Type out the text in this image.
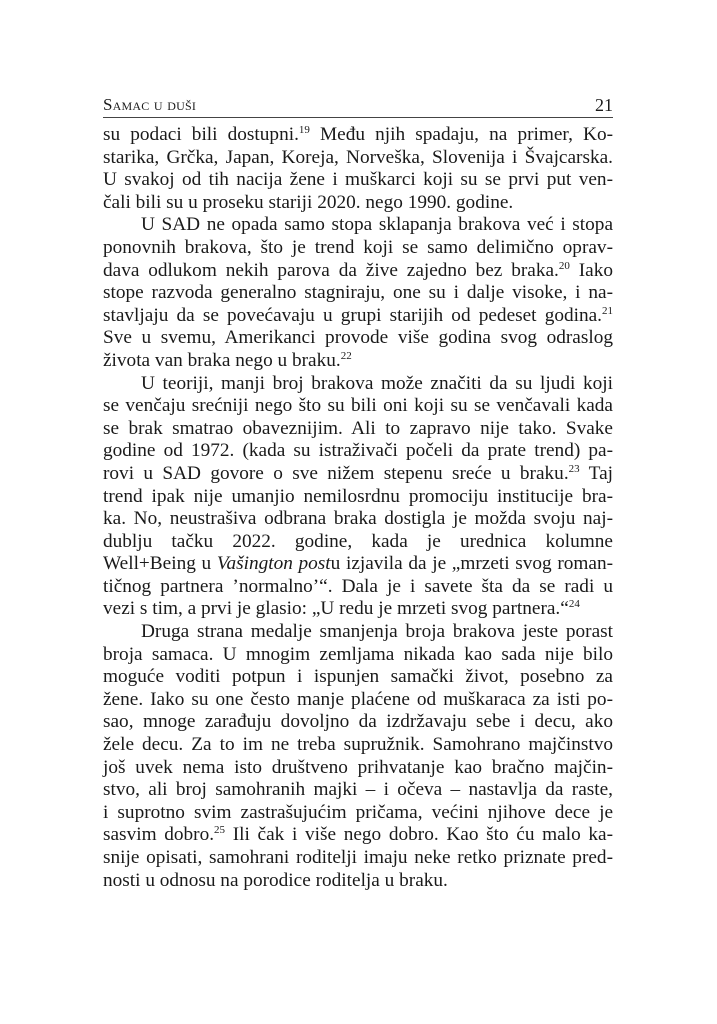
Samac u duši	21

su podaci bili dostupni.$^{19}$ Među njih spadaju, na primer, Ko-
starika, Grčka, Japan, Koreja, Norveška, Slovenija i Švajcarska.
U svakoj od tih nacija žene i muškarci koji su se prvi put ven-
čali bili su u proseku stariji 2020. nego 1990. godine.

U SAD ne opada samo stopa sklapanja brakova već i stopa
ponovnih brakova, što je trend koji se samo delimično oprav-
dava odlukom nekih parova da žive zajedno bez braka.$^{20}$ Iako
stope razvoda generalno stagniraju, one su i dalje visoke, i na-
stavljaju da se povećavaju u grupi starijih od pedeset godina.$^{21}$
Sve u svemu, Amerikanci provode više godina svog odraslog
života van braka nego u braku.$^{22}$

U teoriji, manji broj brakova može značiti da su ljudi koji
se venčaju srećniji nego što su bili oni koji su se venčavali kada
se brak smatrao obaveznijim. Ali to zapravo nije tako. Svake
godine od 1972. (kada su istraživači počeli da prate trend) pa-
rovi u SAD govore o sve nižem stepenu sreće u braku.$^{23}$ Taj
trend ipak nije umanjio nemilosrdnu promociju institucije bra-
ka. No, neustrašiva odbrana braka dostigla je možda svoju naj-
dublju tačku 2022. godine, kada je urednica kolumne
Well+Being u Vašington postu izjavila da je „mrzeti svog roman-
tičnog partnera ’normalno’“. Dala je i savete šta da se radi u
vezi s tim, a prvi je glasio: „U redu je mrzeti svog partnera.“$^{24}$

Druga strana medalje smanjenja broja brakova jeste porast
broja samaca. U mnogim zemljama nikada kao sada nije bilo
moguće voditi potpun i ispunjen samački život, posebno za
žene. Iako su one često manje plaćene od muškaraca za isti po-
sao, mnoge zarađuju dovoljno da izdržavaju sebe i decu, ako
žele decu. Za to im ne treba supružnik. Samohrano majčinstvo
još uvek nema isto društveno prihvatanje kao bračno majčin-
stvo, ali broj samohranih majki – i očeva – nastavlja da raste,
i suprotno svim zastrašujućim pričama, većini njihove dece je
sasvim dobro.$^{25}$ Ili čak i više nego dobro. Kao što ću malo ka-
snije opisati, samohrani roditelji imaju neke retko priznate pred-
nosti u odnosu na porodice roditelja u braku.
